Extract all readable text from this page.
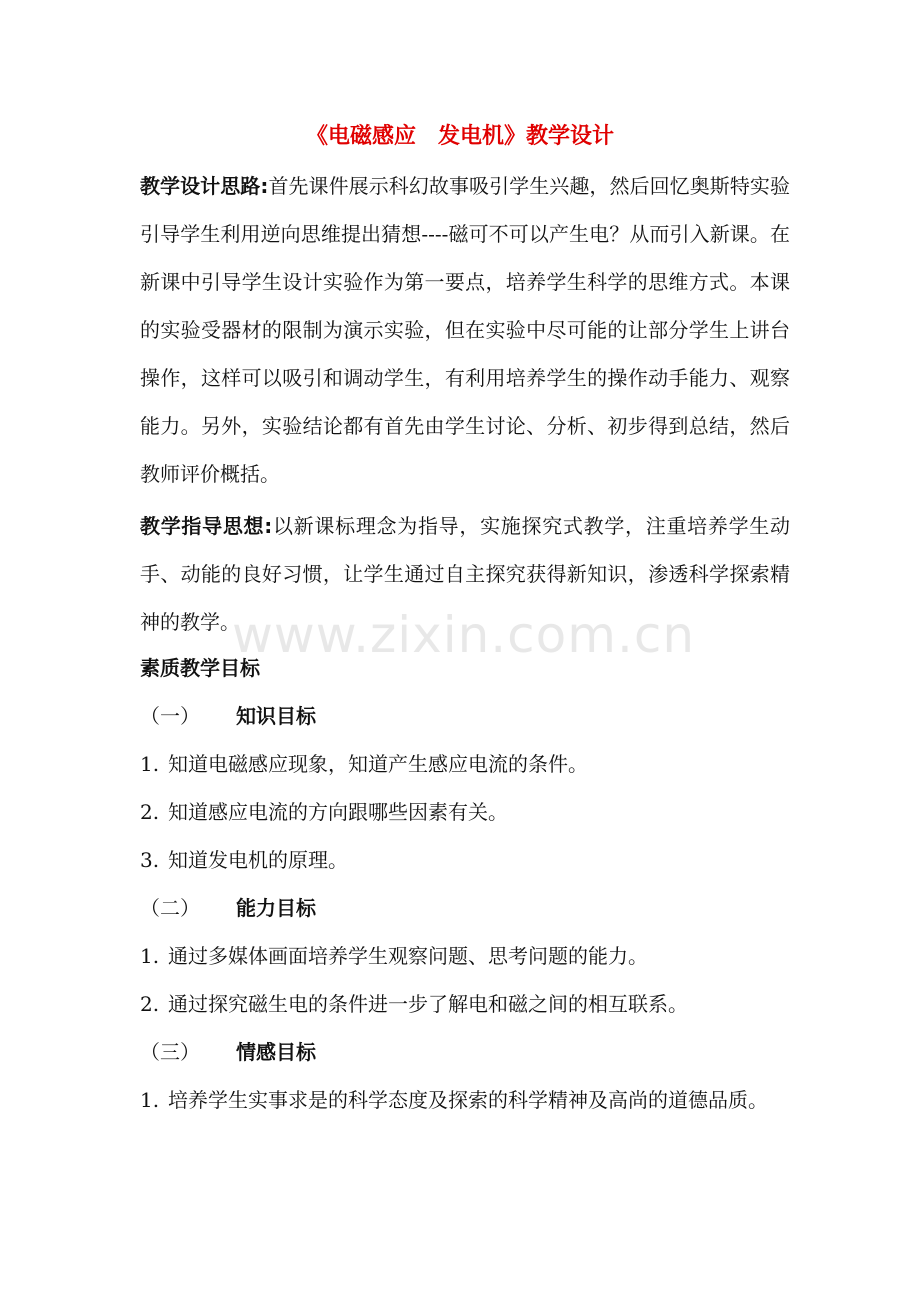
《电磁感应　发电机》教学设计

教学设计思路:首先课件展示科幻故事吸引学生兴趣，然后回忆奥斯特实验引导学生利用逆向思维提出猜想----磁可不可以产生电？从而引入新课。在新课中引导学生设计实验作为第一要点，培养学生科学的思维方式。本课的实验受器材的限制为演示实验，但在实验中尽可能的让部分学生上讲台操作，这样可以吸引和调动学生，有利用培养学生的操作动手能力、观察能力。另外，实验结论都有首先由学生讨论、分析、初步得到总结，然后教师评价概括。

教学指导思想:以新课标理念为指导，实施探究式教学，注重培养学生动手、动能的良好习惯，让学生通过自主探究获得新知识，渗透科学探索精神的教学。

www.zixin.com.cn
素质教学目标
（一） 知识目标

1. 知道电磁感应现象，知道产生感应电流的条件。

2. 知道感应电流的方向跟哪些因素有关。

3. 知道发电机的原理。

（二） 能力目标

1. 通过多媒体画面培养学生观察问题、思考问题的能力。

2. 通过探究磁生电的条件进一步了解电和磁之间的相互联系。

（三） 情感目标

1. 培养学生实事求是的科学态度及探索的科学精神及高尚的道德品质。
